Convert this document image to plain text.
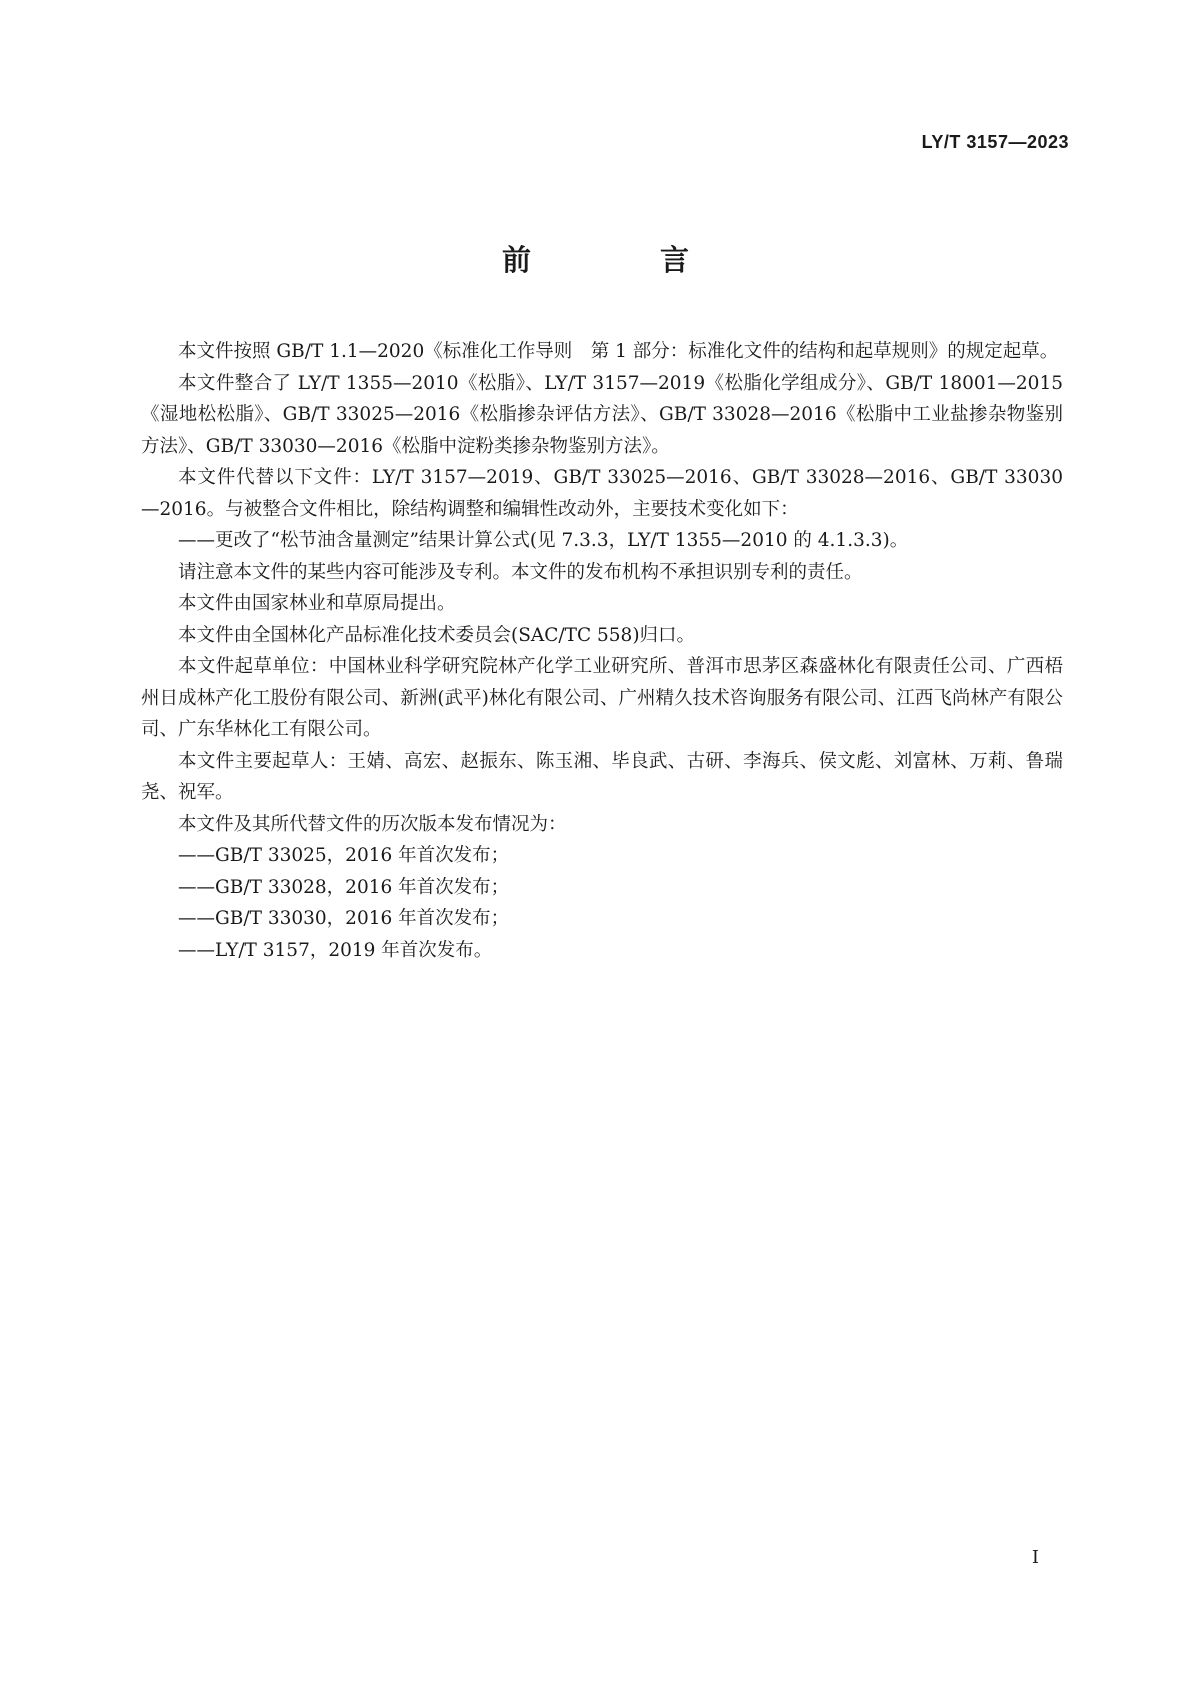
LY/T 3157—2023
前　言

本文件按照 GB/T 1.1—2020《标准化工作导则　第 1 部分：标准化文件的结构和起草规则》的规定起草。

本文件整合了 LY/T 1355—2010《松脂》、LY/T 3157—2019《松脂化学组成分》、GB/T 18001—2015《湿地松松脂》、GB/T 33025—2016《松脂掺杂评估方法》、GB/T 33028—2016《松脂中工业盐掺杂物鉴别方法》、GB/T 33030—2016《松脂中淀粉类掺杂物鉴别方法》。

本文件代替以下文件：LY/T 3157—2019、GB/T 33025—2016、GB/T 33028—2016、GB/T 33030—2016。与被整合文件相比，除结构调整和编辑性改动外，主要技术变化如下：

——更改了“松节油含量测定”结果计算公式(见 7.3.3，LY/T 1355—2010 的 4.1.3.3)。

请注意本文件的某些内容可能涉及专利。本文件的发布机构不承担识别专利的责任。

本文件由国家林业和草原局提出。

本文件由全国林化产品标准化技术委员会(SAC/TC 558)归口。

本文件起草单位：中国林业科学研究院林产化学工业研究所、普洱市思茅区森盛林化有限责任公司、广西梧州日成林产化工股份有限公司、新洲(武平)林化有限公司、广州精久技术咨询服务有限公司、江西飞尚林产有限公司、广东华林化工有限公司。

本文件主要起草人：王婧、高宏、赵振东、陈玉湘、毕良武、古研、李海兵、侯文彪、刘富林、万莉、鲁瑞尧、祝军。

本文件及其所代替文件的历次版本发布情况为：

——GB/T 33025，2016 年首次发布；

——GB/T 33028，2016 年首次发布；

——GB/T 33030，2016 年首次发布；

——LY/T 3157，2019 年首次发布。

Ⅰ
